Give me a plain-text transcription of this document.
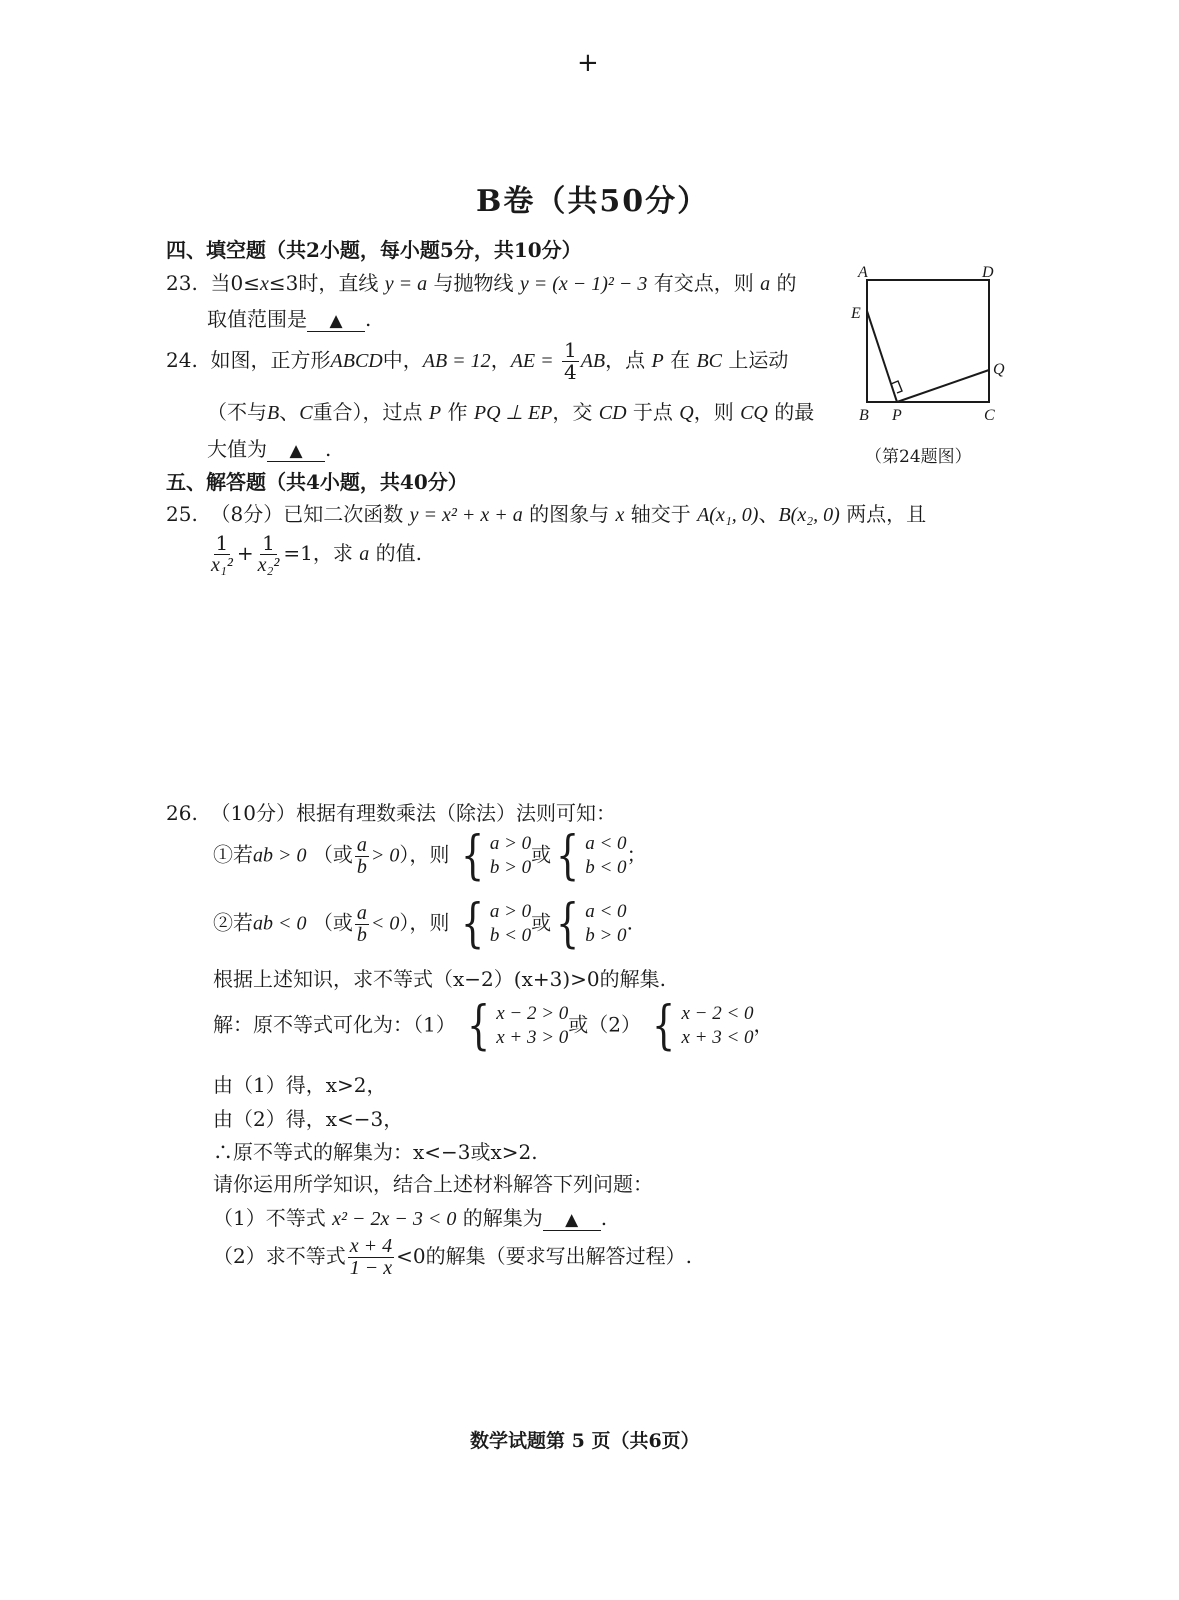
+
B卷（共50分）
四、填空题（共2小题，每小题5分，共10分）
23. 当0≤x≤3时，直线 y = a 与抛物线 y = (x − 1)² − 3 有交点，则 a 的
取值范围是 ▲ .
24. 如图，正方形ABCD中，AB = 12，AE = $\frac{1}{4}$ AB，点 P 在 BC 上运动
（不与B、C重合），过点 P 作 PQ ⊥ EP，交 CD 于点 Q，则 CQ 的最
大值为 ▲ .
A	D
E
Q
B P	C
（第24题图）
五、解答题（共4小题，共40分）
25. （8分）已知二次函数 y = x² + x + a 的图象与 x 轴交于 A(x₁, 0)、B(x₂, 0) 两点，且
$\frac{1}{\text{x₁²}} + \frac{1}{\text{x₂²}} =1$，求 a 的值.
26. （10分）根据有理数乘法（除法）法则可知：
①若ab > 0 （或 $\frac{a}{b} > 0$），则 { a > 0
b > 0
或 { a < 0
b < 0
；
②若ab < 0 （或 $\frac{a}{b} < 0$），则 { a > 0
b < 0
或 { a < 0
b > 0
.
根据上述知识，求不等式（x−2）(x+3)>0的解集.
解：原不等式可化为：（1） { x − 2 > 0
x + 3 > 0
或（2） { x − 2 < 0
x + 3 < 0
，
由（1）得，x>2，
由（2）得，x<−3，
∴原不等式的解集为：x<−3或x>2.
请你运用所学知识，结合上述材料解答下列问题：
（1）不等式 x² − 2x − 3 < 0 的解集为 ▲ .
（2）求不等式 $\frac{x + 4}{1 - x} <0$的解集（要求写出解答过程）.
数学试题第 5 页（共6页）
